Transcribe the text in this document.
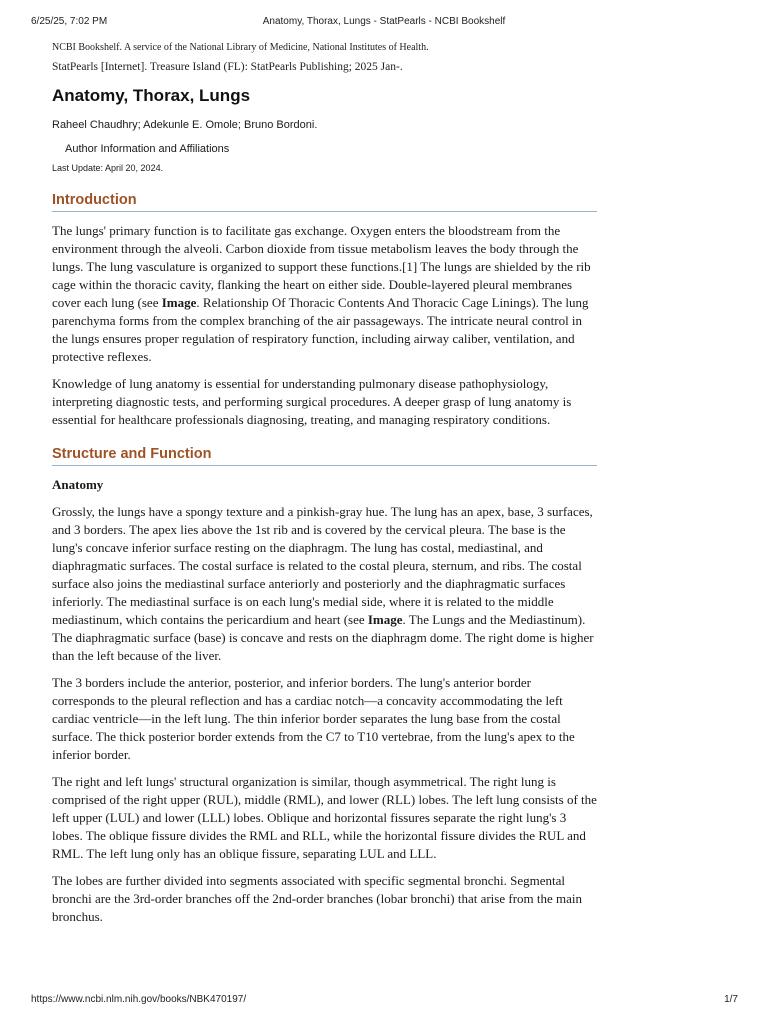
6/25/25, 7:02 PM	Anatomy, Thorax, Lungs - StatPearls - NCBI Bookshelf

NCBI Bookshelf. A service of the National Library of Medicine, National Institutes of Health.

StatPearls [Internet]. Treasure Island (FL): StatPearls Publishing; 2025 Jan-.

Anatomy, Thorax, Lungs

Raheel Chaudhry; Adekunle E. Omole; Bruno Bordoni.

Author Information and Affiliations

Last Update: April 20, 2024.

Introduction

The lungs' primary function is to facilitate gas exchange. Oxygen enters the bloodstream from the environment through the alveoli. Carbon dioxide from tissue metabolism leaves the body through the lungs. The lung vasculature is organized to support these functions.[1] The lungs are shielded by the rib cage within the thoracic cavity, flanking the heart on either side. Double-layered pleural membranes cover each lung (see Image. Relationship Of Thoracic Contents And Thoracic Cage Linings). The lung parenchyma forms from the complex branching of the air passageways. The intricate neural control in the lungs ensures proper regulation of respiratory function, including airway caliber, ventilation, and protective reflexes.

Knowledge of lung anatomy is essential for understanding pulmonary disease pathophysiology, interpreting diagnostic tests, and performing surgical procedures. A deeper grasp of lung anatomy is essential for healthcare professionals diagnosing, treating, and managing respiratory conditions.

Structure and Function
Anatomy

Grossly, the lungs have a spongy texture and a pinkish-gray hue. The lung has an apex, base, 3 surfaces, and 3 borders. The apex lies above the 1st rib and is covered by the cervical pleura. The base is the lung's concave inferior surface resting on the diaphragm. The lung has costal, mediastinal, and diaphragmatic surfaces. The costal surface is related to the costal pleura, sternum, and ribs. The costal surface also joins the mediastinal surface anteriorly and posteriorly and the diaphragmatic surfaces inferiorly. The mediastinal surface is on each lung's medial side, where it is related to the middle mediastinum, which contains the pericardium and heart (see Image. The Lungs and the Mediastinum). The diaphragmatic surface (base) is concave and rests on the diaphragm dome. The right dome is higher than the left because of the liver.

The 3 borders include the anterior, posterior, and inferior borders. The lung's anterior border corresponds to the pleural reflection and has a cardiac notch—a concavity accommodating the left cardiac ventricle—in the left lung. The thin inferior border separates the lung base from the costal surface. The thick posterior border extends from the C7 to T10 vertebrae, from the lung's apex to the inferior border.

The right and left lungs' structural organization is similar, though asymmetrical. The right lung is comprised of the right upper (RUL), middle (RML), and lower (RLL) lobes. The left lung consists of the left upper (LUL) and lower (LLL) lobes. Oblique and horizontal fissures separate the right lung's 3 lobes. The oblique fissure divides the RML and RLL, while the horizontal fissure divides the RUL and RML. The left lung only has an oblique fissure, separating LUL and LLL.

The lobes are further divided into segments associated with specific segmental bronchi. Segmental bronchi are the 3rd-order branches off the 2nd-order branches (lobar bronchi) that arise from the main bronchus.

https://www.ncbi.nlm.nih.gov/books/NBK470197/	1/7
